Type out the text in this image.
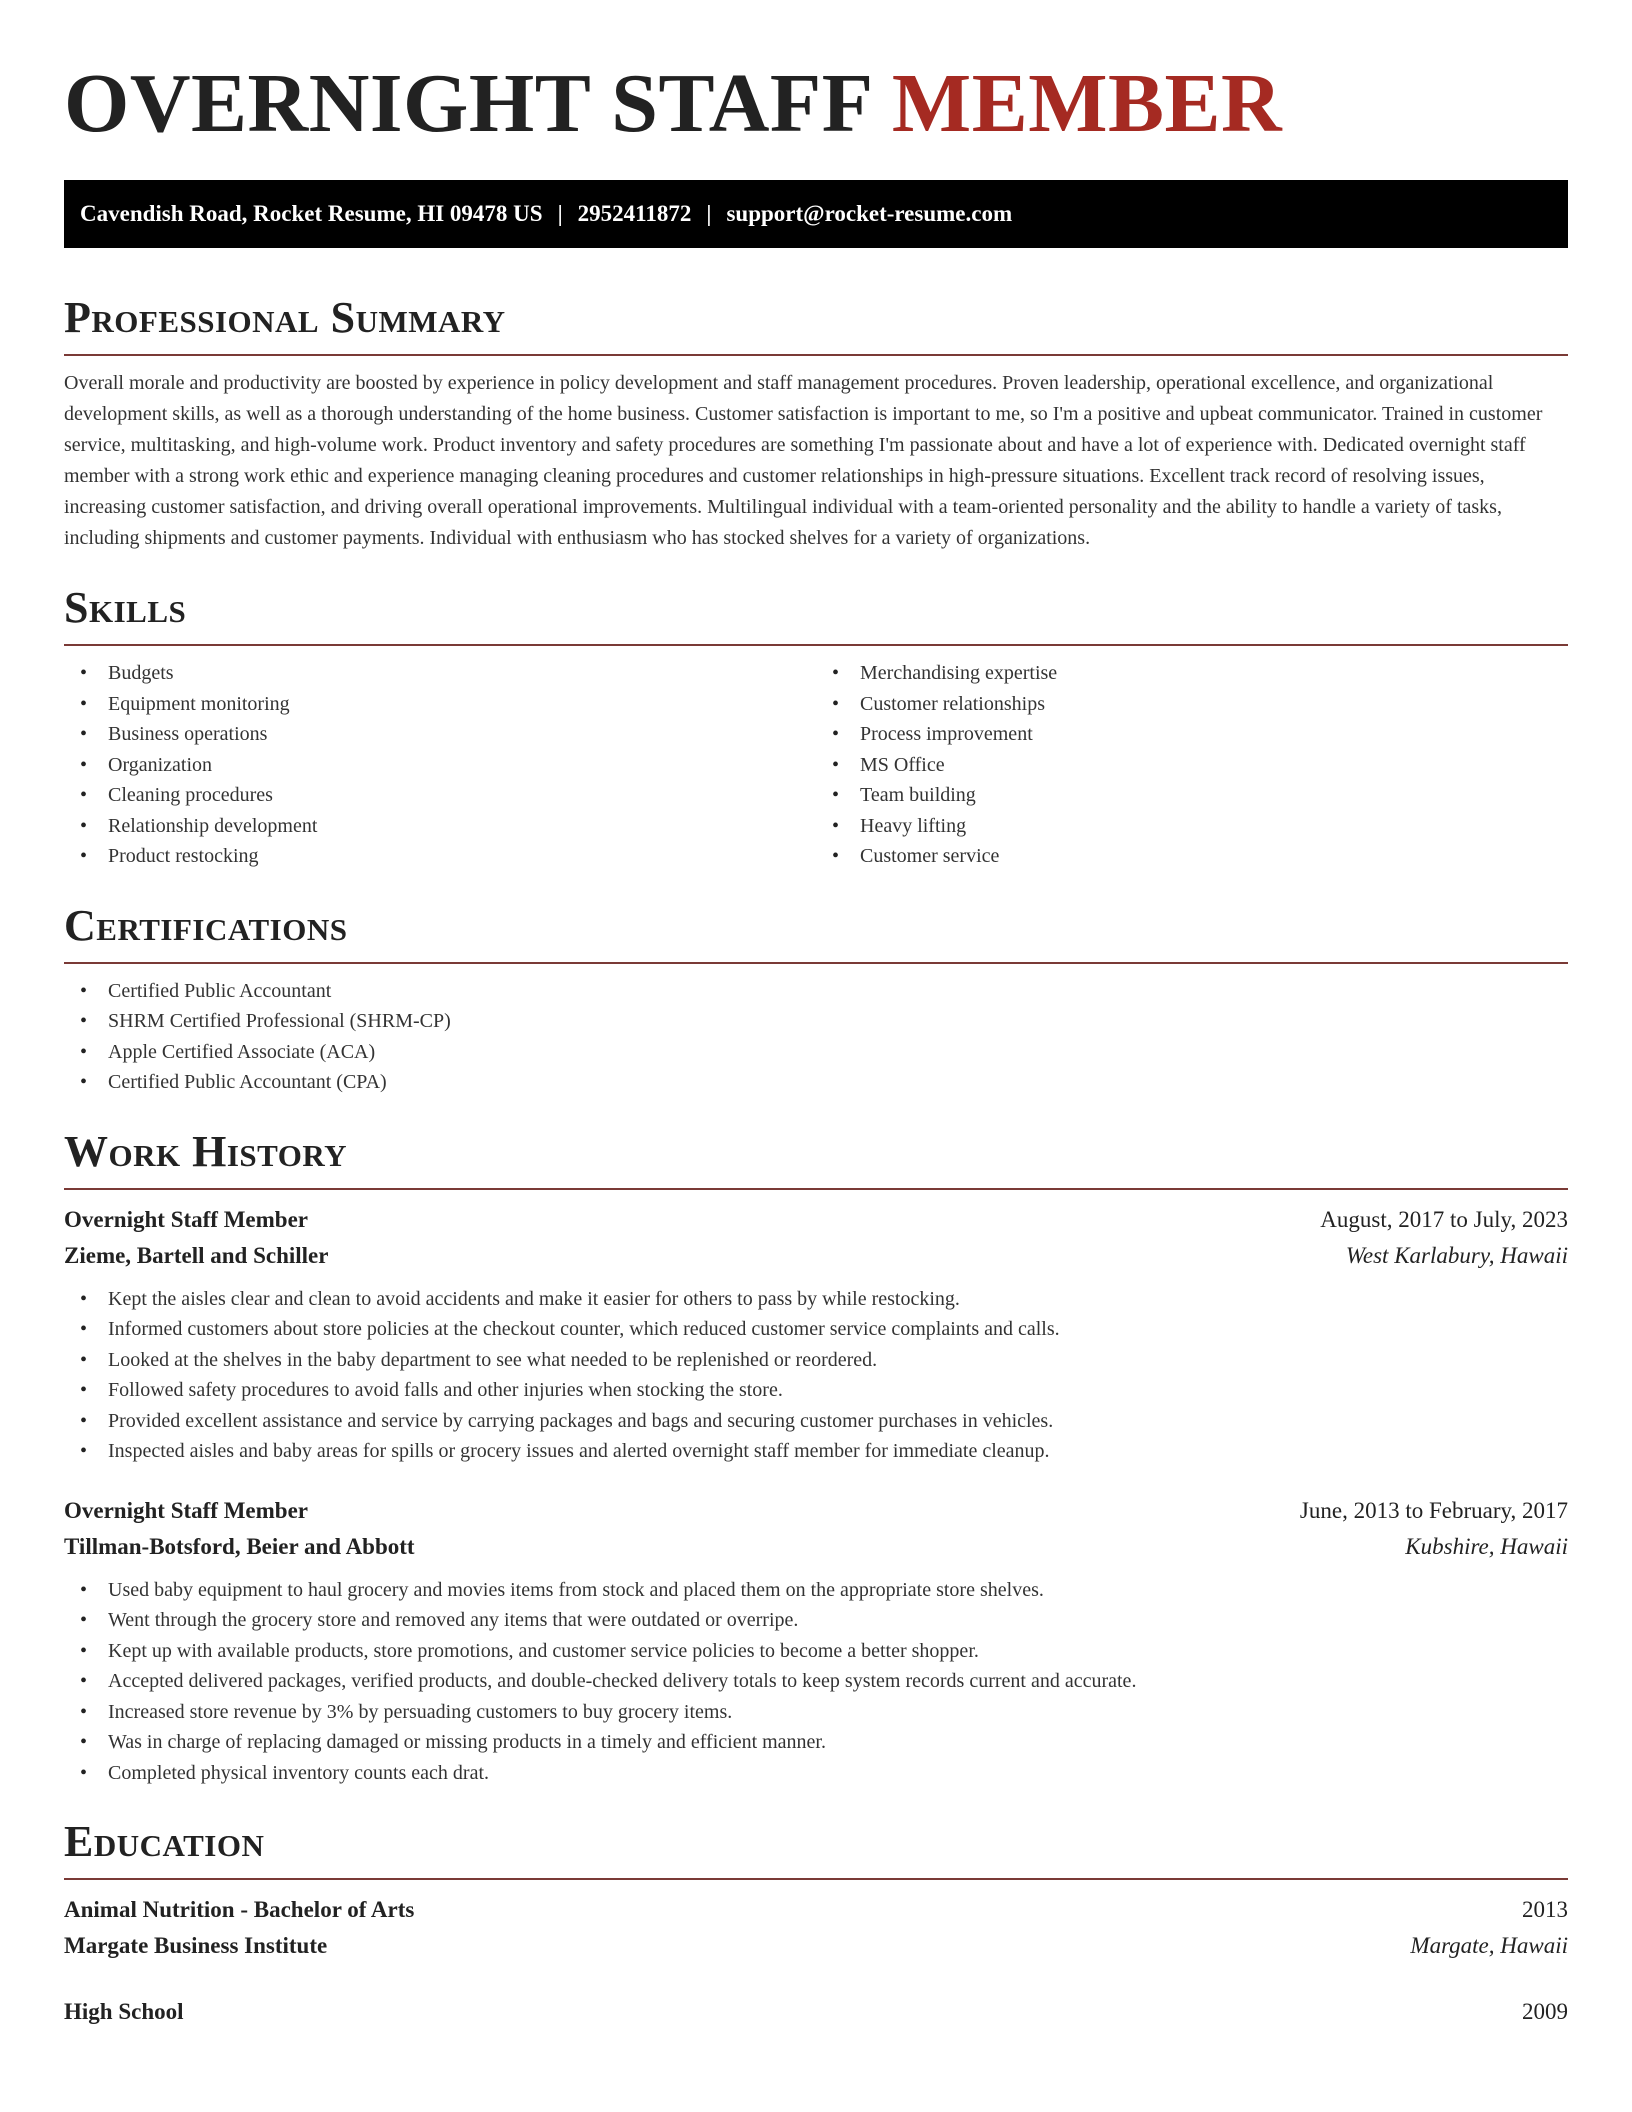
OVERNIGHT STAFF MEMBER
Cavendish Road, Rocket Resume, HI 09478 US | 2952411872 | support@rocket-resume.com
Professional Summary

Overall morale and productivity are boosted by experience in policy development and staff management procedures. Proven leadership, operational excellence, and organizational development skills, as well as a thorough understanding of the home business. Customer satisfaction is important to me, so I'm a positive and upbeat communicator. Trained in customer service, multitasking, and high-volume work. Product inventory and safety procedures are something I'm passionate about and have a lot of experience with. Dedicated overnight staff member with a strong work ethic and experience managing cleaning procedures and customer relationships in high-pressure situations. Excellent track record of resolving issues, increasing customer satisfaction, and driving overall operational improvements. Multilingual individual with a team-oriented personality and the ability to handle a variety of tasks, including shipments and customer payments. Individual with enthusiasm who has stocked shelves for a variety of organizations.

Skills
• Budgets
• Equipment monitoring
• Business operations
• Organization
• Cleaning procedures
• Relationship development
• Product restocking
• Merchandising expertise
• Customer relationships
• Process improvement
• MS Office
• Team building
• Heavy lifting
• Customer service
Certifications
• Certified Public Accountant
• SHRM Certified Professional (SHRM-CP)
• Apple Certified Associate (ACA)
• Certified Public Accountant (CPA)
Work History
Overnight Staff Member	August, 2017 to July, 2023
Zieme, Bartell and Schiller	West Karlabury, Hawaii
• Kept the aisles clear and clean to avoid accidents and make it easier for others to pass by while restocking.
• Informed customers about store policies at the checkout counter, which reduced customer service complaints and calls.
• Looked at the shelves in the baby department to see what needed to be replenished or reordered.
• Followed safety procedures to avoid falls and other injuries when stocking the store.
• Provided excellent assistance and service by carrying packages and bags and securing customer purchases in vehicles.
• Inspected aisles and baby areas for spills or grocery issues and alerted overnight staff member for immediate cleanup.
Overnight Staff Member	June, 2013 to February, 2017
Tillman-Botsford, Beier and Abbott	Kubshire, Hawaii
• Used baby equipment to haul grocery and movies items from stock and placed them on the appropriate store shelves.
• Went through the grocery store and removed any items that were outdated or overripe.
• Kept up with available products, store promotions, and customer service policies to become a better shopper.
• Accepted delivered packages, verified products, and double-checked delivery totals to keep system records current and accurate.
• Increased store revenue by 3% by persuading customers to buy grocery items.
• Was in charge of replacing damaged or missing products in a timely and efficient manner.
• Completed physical inventory counts each drat.
Education
Animal Nutrition - Bachelor of Arts	2013
Margate Business Institute	Margate, Hawaii
High School	2009
